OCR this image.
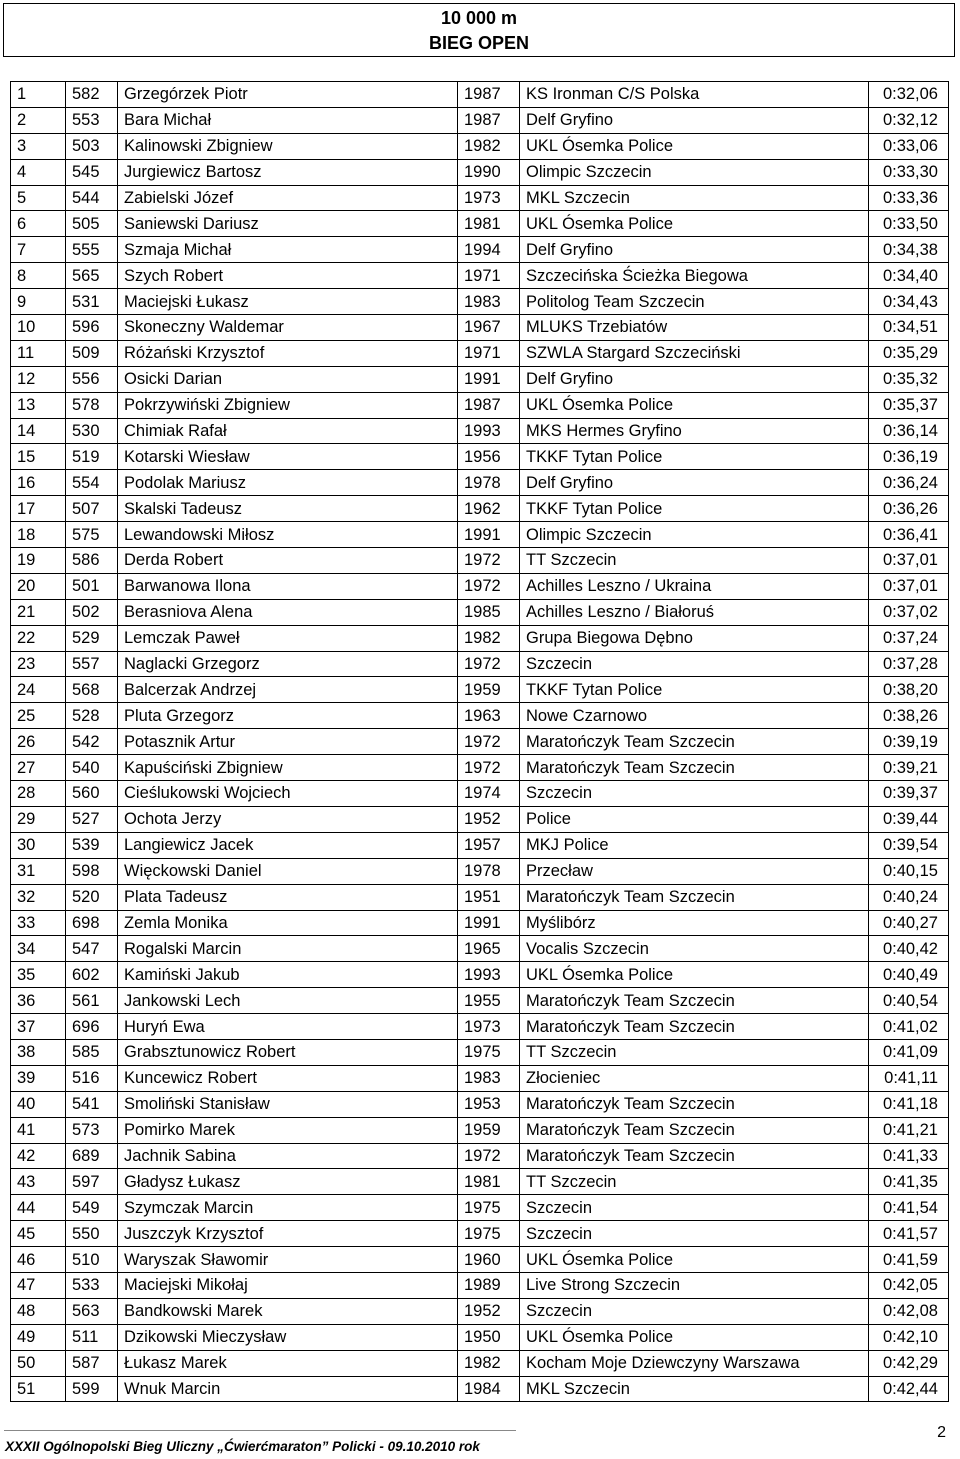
10 000 m
BIEG OPEN
1	582	Grzegórzek Piotr	1987	KS Ironman C/S Polska	0:32,06
2	553	Bara Michał	1987	Delf Gryfino	0:32,12
3	503	Kalinowski Zbigniew	1982	UKL Ósemka Police	0:33,06
4	545	Jurgiewicz Bartosz	1990	Olimpic Szczecin	0:33,30
5	544	Zabielski Józef	1973	MKL Szczecin	0:33,36
6	505	Saniewski Dariusz	1981	UKL Ósemka Police	0:33,50
7	555	Szmaja Michał	1994	Delf Gryfino	0:34,38
8	565	Szych Robert	1971	Szczecińska Ścieżka Biegowa	0:34,40
9	531	Maciejski Łukasz	1983	Politolog Team Szczecin	0:34,43
10	596	Skoneczny Waldemar	1967	MLUKS Trzebiatów	0:34,51
11	509	Różański Krzysztof	1971	SZWLA Stargard Szczeciński	0:35,29
12	556	Osicki Darian	1991	Delf Gryfino	0:35,32
13	578	Pokrzywiński Zbigniew	1987	UKL Ósemka Police	0:35,37
14	530	Chimiak Rafał	1993	MKS Hermes Gryfino	0:36,14
15	519	Kotarski Wiesław	1956	TKKF Tytan Police	0:36,19
16	554	Podolak Mariusz	1978	Delf Gryfino	0:36,24
17	507	Skalski Tadeusz	1962	TKKF Tytan Police	0:36,26
18	575	Lewandowski Miłosz	1991	Olimpic Szczecin	0:36,41
19	586	Derda Robert	1972	TT Szczecin	0:37,01
20	501	Barwanowa Ilona	1972	Achilles Leszno / Ukraina	0:37,01
21	502	Berasniova Alena	1985	Achilles Leszno / Białoruś	0:37,02
22	529	Lemczak Paweł	1982	Grupa Biegowa Dębno	0:37,24
23	557	Naglacki Grzegorz	1972	Szczecin	0:37,28
24	568	Balcerzak Andrzej	1959	TKKF Tytan Police	0:38,20
25	528	Pluta Grzegorz	1963	Nowe Czarnowo	0:38,26
26	542	Potasznik Artur	1972	Maratończyk Team Szczecin	0:39,19
27	540	Kapuściński Zbigniew	1972	Maratończyk Team Szczecin	0:39,21
28	560	Cieślukowski Wojciech	1974	Szczecin	0:39,37
29	527	Ochota Jerzy	1952	Police	0:39,44
30	539	Langiewicz Jacek	1957	MKJ Police	0:39,54
31	598	Więckowski Daniel	1978	Przecław	0:40,15
32	520	Plata Tadeusz	1951	Maratończyk Team Szczecin	0:40,24
33	698	Zemla Monika	1991	Myślibórz	0:40,27
34	547	Rogalski Marcin	1965	Vocalis Szczecin	0:40,42
35	602	Kamiński Jakub	1993	UKL Ósemka Police	0:40,49
36	561	Jankowski Lech	1955	Maratończyk Team Szczecin	0:40,54
37	696	Huryń Ewa	1973	Maratończyk Team Szczecin	0:41,02
38	585	Grabsztunowicz Robert	1975	TT Szczecin	0:41,09
39	516	Kuncewicz Robert	1983	Złocieniec	0:41,11
40	541	Smoliński Stanisław	1953	Maratończyk Team Szczecin	0:41,18
41	573	Pomirko Marek	1959	Maratończyk Team Szczecin	0:41,21
42	689	Jachnik Sabina	1972	Maratończyk Team Szczecin	0:41,33
43	597	Gładysz Łukasz	1981	TT Szczecin	0:41,35
44	549	Szymczak Marcin	1975	Szczecin	0:41,54
45	550	Juszczyk Krzysztof	1975	Szczecin	0:41,57
46	510	Waryszak Sławomir	1960	UKL Ósemka Police	0:41,59
47	533	Maciejski Mikołaj	1989	Live Strong Szczecin	0:42,05
48	563	Bandkowski Marek	1952	Szczecin	0:42,08
49	511	Dzikowski Mieczysław	1950	UKL Ósemka Police	0:42,10
50	587	Łukasz Marek	1982	Kocham Moje Dziewczyny Warszawa	0:42,29
51	599	Wnuk Marcin	1984	MKL Szczecin	0:42,44
XXXII Ogólnopolski Bieg Uliczny „Ćwierćmaraton” Policki - 09.10.2010 rok
2
